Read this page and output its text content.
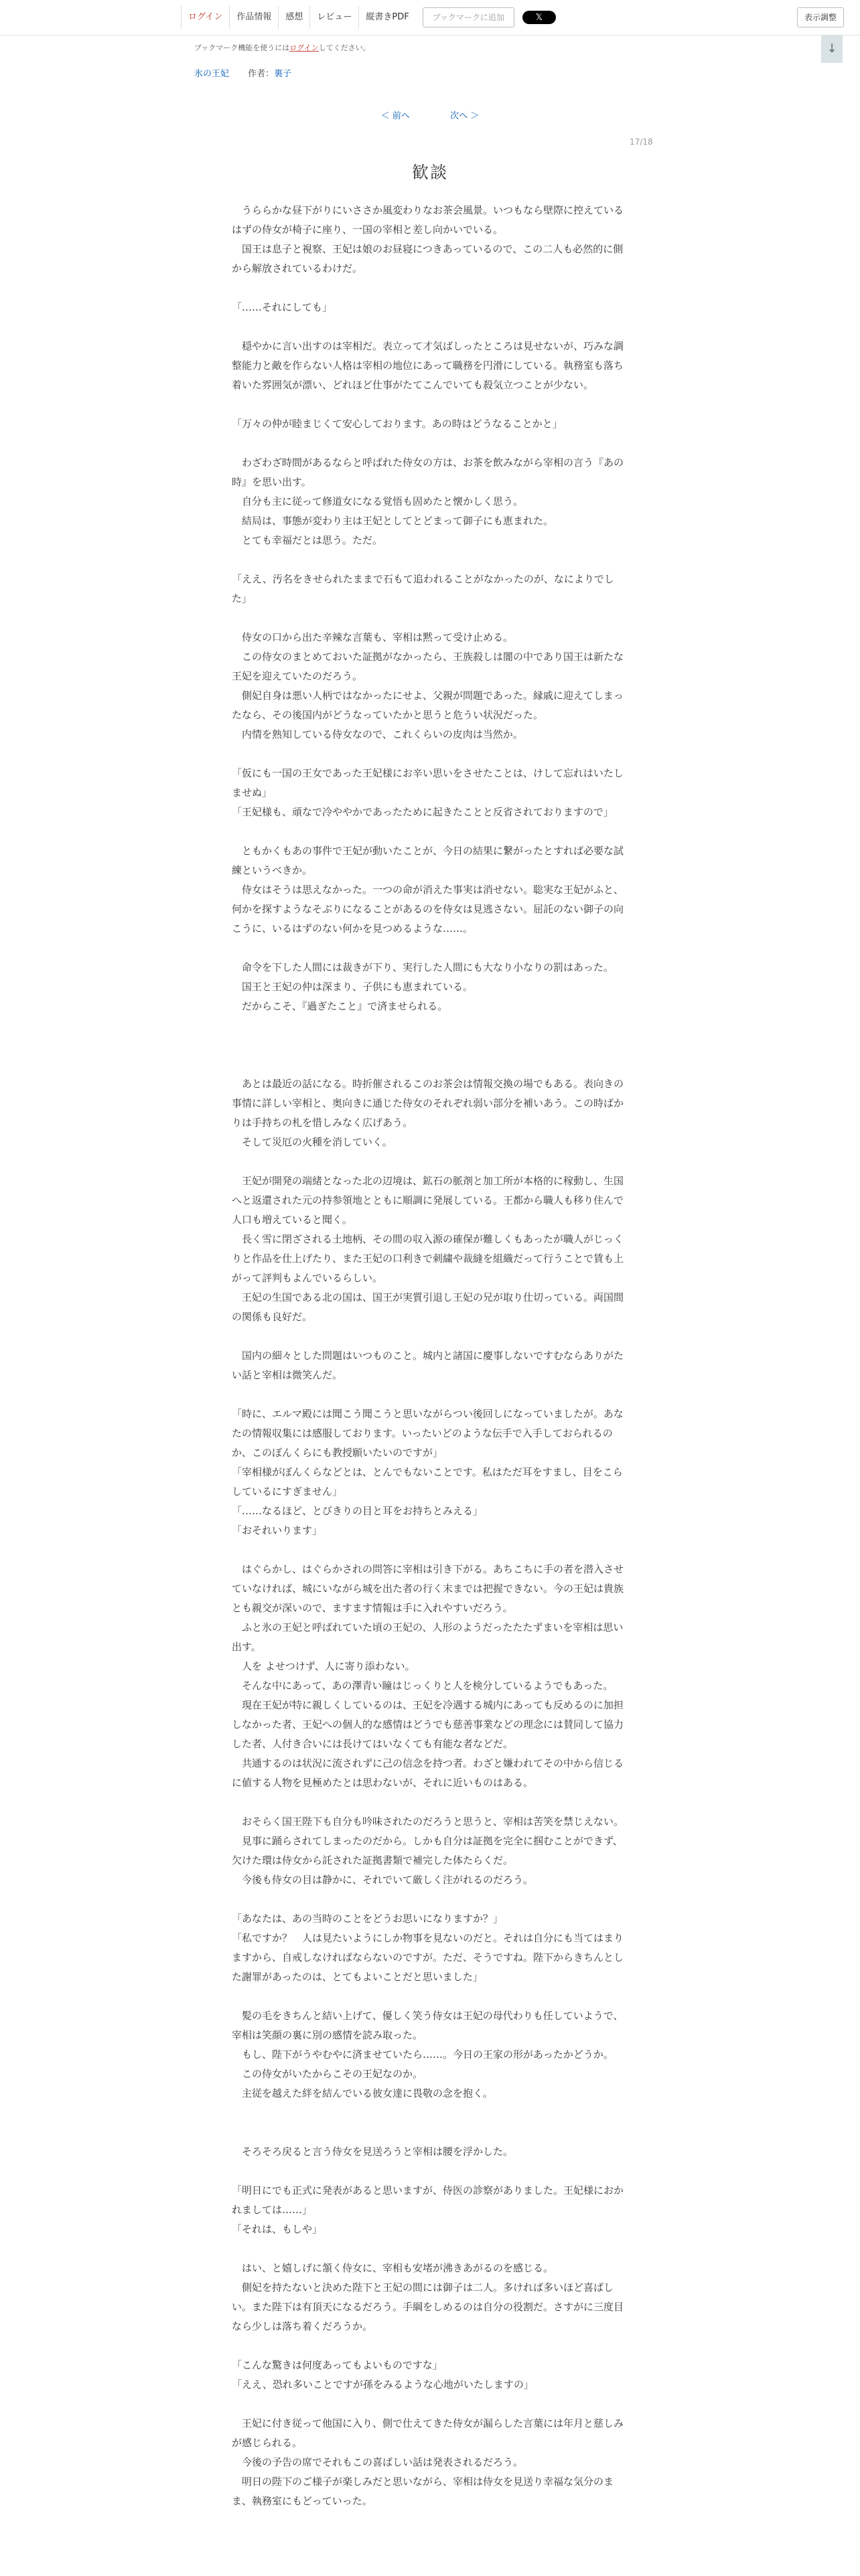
ログイン	作品情報	感想	レビュー	縦書きPDF	ブックマークに追加	𝕏	表示調整
↓
ブックマーク機能を使うにはログインしてください。
氷の王妃 作者：裏子
＜ 前へ	次へ ＞
17/18
歓談

　うららかな昼下がりにいささか風変わりなお茶会風景。いつもなら壁際に控えているはずの侍女が椅子に座り、一国の宰相と差し向かいでいる。

　国王は息子と視察、王妃は娘のお昼寝につきあっているので、この二人も必然的に側から解放されているわけだ。

「……それにしても」

　穏やかに言い出すのは宰相だ。表立って才気ばしったところは見せないが、巧みな調整能力と敵を作らない人格は宰相の地位にあって職務を円滑にしている。執務室も落ち着いた雰囲気が漂い、どれほど仕事がたてこんでいても殺気立つことが少ない。

「万々の仲が睦まじくて安心しております。あの時はどうなることかと」

　わざわざ時間があるならと呼ばれた侍女の方は、お茶を飲みながら宰相の言う『あの時』を思い出す。

　自分も主に従って修道女になる覚悟も固めたと懐かしく思う。

　結局は、事態が変わり主は王妃としてとどまって御子にも恵まれた。

　とても幸福だとは思う。ただ。

「ええ、汚名をきせられたままで石もて追われることがなかったのが、なによりでした」

　侍女の口から出た辛辣な言葉も、宰相は黙って受け止める。

　この侍女のまとめておいた証拠がなかったら、王族殺しは闇の中であり国王は新たな王妃を迎えていたのだろう。

　側妃自身は悪い人柄ではなかったにせよ、父親が問題であった。縁戚に迎えてしまったなら、その後国内がどうなっていたかと思うと危うい状況だった。

　内情を熟知している侍女なので、これくらいの皮肉は当然か。

「仮にも一国の王女であった王妃様にお辛い思いをさせたことは、けして忘れはいたしませぬ」

「王妃様も、頑なで冷ややかであったために起きたことと反省されておりますので」

　ともかくもあの事件で王妃が動いたことが、今日の結果に繋がったとすれば必要な試練というべきか。

　侍女はそうは思えなかった。一つの命が消えた事実は消せない。聡実な王妃がふと、何かを探すようなそぶりになることがあるのを侍女は見逃さない。屈託のない御子の向こうに、いるはずのない何かを見つめるような……。

　命令を下した人間には裁きが下り、実行した人間にも大なり小なりの罰はあった。

　国王と王妃の仲は深まり、子供にも恵まれている。

　だからこそ、『過ぎたこと』で済ませられる。

　あとは最近の話になる。時折催されるこのお茶会は情報交換の場でもある。表向きの事情に詳しい宰相と、奥向きに通じた侍女のそれぞれ弱い部分を補いあう。この時ばかりは手持ちの札を惜しみなく広げあう。

　そして災厄の火種を消していく。

　王妃が開発の端緒となった北の辺境は、鉱石の脈剤と加工所が本格的に稼動し、生国へと返還された元の持参領地とともに順調に発展している。王都から職人も移り住んで人口も増えていると聞く。

　長く雪に閉ざされる土地柄、その間の収入源の確保が難しくもあったが職人がじっくりと作品を仕上げたり、また王妃の口利きで刺繍や裁縫を組織だって行うことで賃も上がって評判もよんでいるらしい。

　王妃の生国である北の国は、国王が実質引退し王妃の兄が取り仕切っている。両国間の関係も良好だ。

　国内の細々とした問題はいつものこと。城内と諸国に慶事しないですむならありがたい話と宰相は微笑んだ。

「時に、エルマ殿には聞こう聞こうと思いながらつい後回しになっていましたが。あなたの情報収集には感服しております。いったいどのような伝手で入手しておられるのか、このぼんくらにも教授願いたいのですが」

「宰相様がぼんくらなどとは、とんでもないことです。私はただ耳をすまし、目をこらしているにすぎません」

「……なるほど、とびきりの目と耳をお持ちとみえる」

「おそれいります」

　はぐらかし、はぐらかされの問答に宰相は引き下がる。あちこちに手の者を潜入させていなければ、城にいながら城を出た者の行く末までは把握できない。今の王妃は貴族とも親交が深いので、ますます情報は手に入れやすいだろう。

　ふと氷の王妃と呼ばれていた頃の王妃の、人形のようだったたたずまいを宰相は思い出す。

　人を よせつけず、人に寄り添わない。

　そんな中にあって、あの澤青い瞳はじっくりと人を検分しているようでもあった。

　現在王妃が特に親しくしているのは、王妃を冷遇する城内にあっても反めるのに加担しなかった者、王妃への個人的な感情はどうでも慈善事業などの理念には賛同して協力した者、人付き合いには長けてはいなくても有能な者などだ。

　共通するのは状況に流されずに己の信念を持つ者。わざと嫌われてその中から信じるに値する人物を見極めたとは思わないが、それに近いものはある。

　おそらく国王陛下も自分も吟味されたのだろうと思うと、宰相は苦笑を禁じえない。

　見事に踊らされてしまったのだから。しかも自分は証拠を完全に掴むことができず、欠けた環は侍女から託された証拠書類で補完した体たらくだ。

　今後も侍女の目は静かに、それでいて厳しく注がれるのだろう。

「あなたは、あの当時のことをどうお思いになりますか？」

「私ですか？　人は見たいようにしか物事を見ないのだと。それは自分にも当てはまりますから、自戒しなければならないのですが。ただ、そうですね。陛下からきちんとした謝罪があったのは、とてもよいことだと思いました」

　髪の毛をきちんと結い上げて、優しく笑う侍女は王妃の母代わりも任していようで、宰相は笑顔の裏に別の感情を読み取った。

　もし、陛下がうやむやに済ませていたら……。今日の王家の形があったかどうか。

　この侍女がいたからこその王妃なのか。

　主従を越えた絆を結んでいる彼女達に畏敬の念を抱く。

　そろそろ戻ると言う侍女を見送ろうと宰相は腰を浮かした。

「明日にでも正式に発表があると思いますが、侍医の診察がありました。王妃様におかれましては……」

「それは、もしや」

　はい、と嬉しげに頷く侍女に、宰相も安堵が沸きあがるのを感じる。

　側妃を持たないと決めた陛下と王妃の間には御子は二人。多ければ多いほど喜ばしい。また陛下は有頂天になるだろう。手綱をしめるのは自分の役割だ。さすがに三度目なら少しは落ち着くだろうか。

「こんな驚きは何度あってもよいものですな」

「ええ、恐れ多いことですが孫をみるような心地がいたしますの」

　王妃に付き従って他国に入り、側で仕えてきた侍女が漏らした言葉には年月と慈しみが感じられる。

　今後の予告の席でそれもこの喜ばしい話は発表されるだろう。

　明日の陛下のご様子が楽しみだと思いながら、宰相は侍女を見送り幸福な気分のまま、執務室にもどっていった。
